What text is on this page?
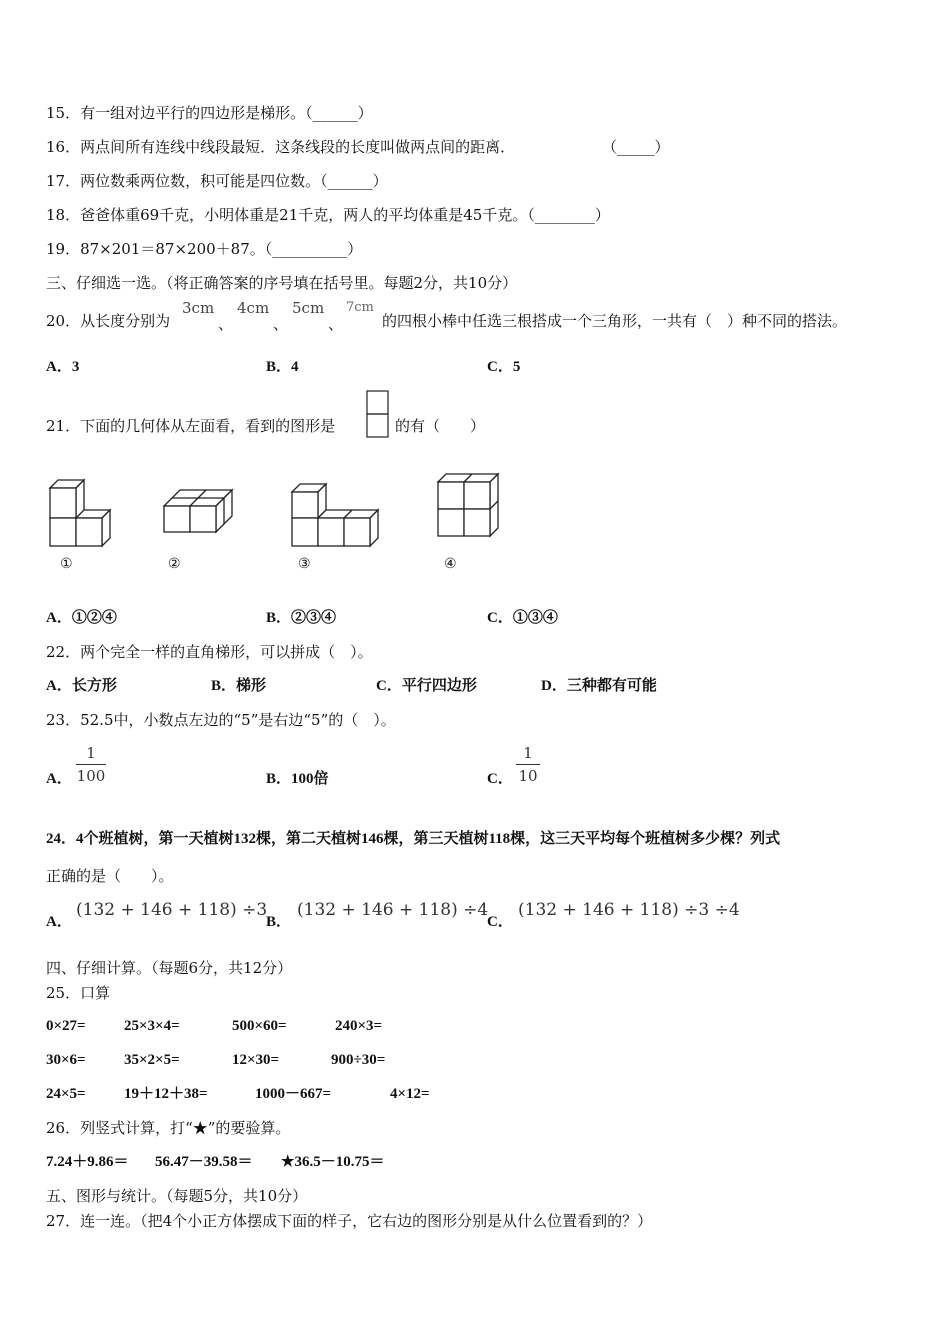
15．有一组对边平行的四边形是梯形。（______）
16．两点间所有连线中线段最短．这条线段的长度叫做两点间的距离．	（_____）
17．两位数乘两位数，积可能是四位数。（______）
18．爸爸体重69千克，小明体重是21千克，两人的平均体重是45千克。（________）
19．87×201＝87×200＋87。（__________）
三、仔细选一选。（将正确答案的序号填在括号里。每题2分，共10分）
20．从长度分别为
3cm
、
4cm
、
5cm
、
7cm
的四根小棒中任选三根搭成一个三角形，一共有（　）种不同的搭法。
A．3	B．4	C．5
21．下面的几何体从左面看，看到的图形是	的有（　　）
①	②	③	④
A．①②④	B．②③④	C．①③④
22．两个完全一样的直角梯形，可以拼成（　）。
A．长方形	B．梯形	C．平行四边形	D．三种都有可能
23．52.5中，小数点左边的“5”是右边“5”的（　）。
A．
1
100	B．100倍	C．
1
10
24．4个班植树，第一天植树132棵，第二天植树146棵，第三天植树118棵，这三天平均每个班植树多少棵？列式
正确的是（　　）。
A．
(132 + 146 + 118) ÷3
B．
(132 + 146 + 118) ÷4
C．
(132 + 146 + 118) ÷3 ÷4
四、仔细计算。（每题6分，共12分）
25．口算
0×27=	25×3×4=	500×60=	240×3=
30×6=	35×2×5=	12×30=	900÷30=
24×5=	19＋12＋38=	1000－667=	4×12=
26．列竖式计算，打“★”的要验算。
7.24＋9.86＝ 56.47－39.58＝ ★36.5－10.75＝
五、图形与统计。（每题5分，共10分）
27．连一连。（把4个小正方体摆成下面的样子，它右边的图形分别是从什么位置看到的？）
